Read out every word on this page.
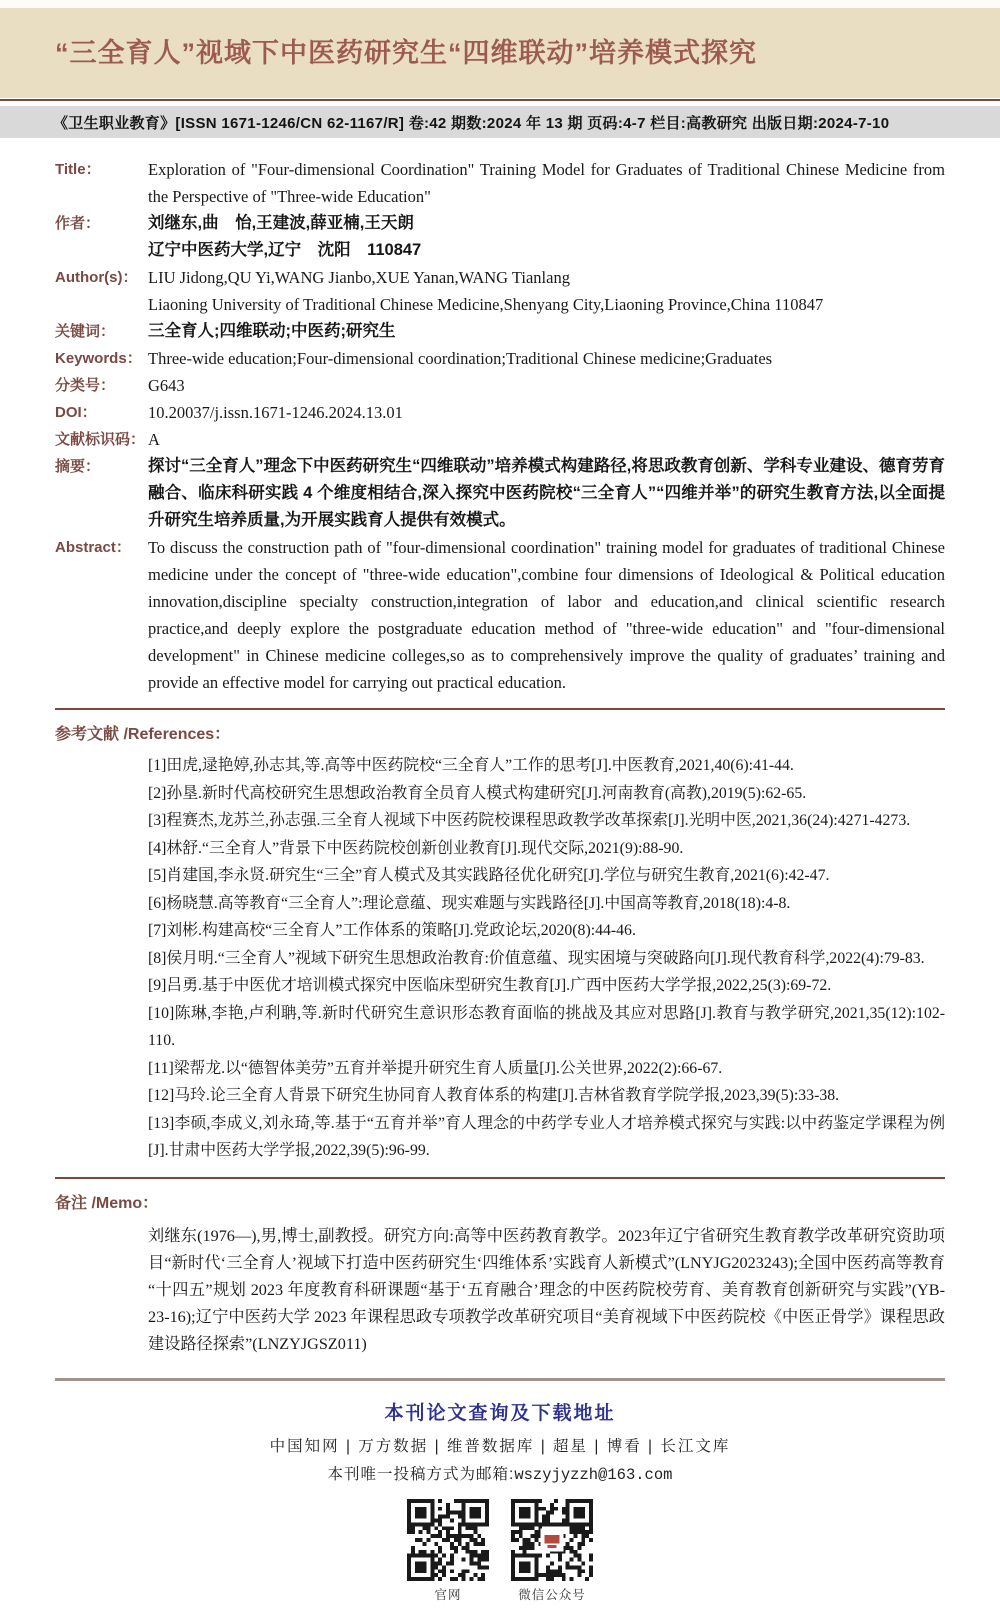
“三全育人”视域下中医药研究生“四维联动”培养模式探究
《卫生职业教育》[ISSN 1671-1246/CN 62-1167/R] 卷:42 期数:2024 年 13 期 页码:4-7 栏目:高教研究 出版日期:2024-7-10
Title：	Exploration of "Four-dimensional Coordination" Training Model for Graduates of Traditional Chinese Medicine from the Perspective of "Three-wide Education"
作者：	刘继东,曲　怡,王建波,薛亚楠,王天朗
辽宁中医药大学,辽宁　沈阳　110847
Author(s)： LIU Jidong,QU Yi,WANG Jianbo,XUE Yanan,WANG Tianlang
Liaoning University of Traditional Chinese Medicine,Shenyang City,Liaoning Province,China 110847
关键词：	三全育人;四维联动;中医药;研究生
Keywords： Three-wide education;Four-dimensional coordination;Traditional Chinese medicine;Graduates
分类号：	G643
DOI：	10.20037/j.issn.1671-1246.2024.13.01
文献标识码： A
摘要：	探讨“三全育人”理念下中医药研究生“四维联动”培养模式构建路径,将思政教育创新、学科专业建设、德育劳育融合、临床科研实践 4 个维度相结合,深入探究中医药院校“三全育人”“四维并举”的研究生教育方法,以全面提升研究生培养质量,为开展实践育人提供有效模式。
Abstract：	To discuss the construction path of "four-dimensional coordination" training model for graduates of traditional Chinese medicine under the concept of "three-wide education",combine four dimensions of Ideological & Political education innovation,discipline specialty construction,integration of labor and education,and clinical scientific research practice,and deeply explore the postgraduate education method of "three-wide education" and "four-dimensional development" in Chinese medicine colleges,so as to comprehensively improve the quality of graduates’ training and provide an effective model for carrying out practical education.
参考文献 /References：
[1]田虎,逯艳婷,孙志其,等.高等中医药院校“三全育人”工作的思考[J].中医教育,2021,40(6):41-44.
[2]孙垦.新时代高校研究生思想政治教育全员育人模式构建研究[J].河南教育(高教),2019(5):62-65.
[3]程赛杰,龙苏兰,孙志强.三全育人视域下中医药院校课程思政教学改革探索[J].光明中医,2021,36(24):4271-4273.
[4]林舒.“三全育人”背景下中医药院校创新创业教育[J].现代交际,2021(9):88-90.
[5]肖建国,李永贤.研究生“三全”育人模式及其实践路径优化研究[J].学位与研究生教育,2021(6):42-47.
[6]杨晓慧.高等教育“三全育人”:理论意蕴、现实难题与实践路径[J].中国高等教育,2018(18):4-8.
[7]刘彬.构建高校“三全育人”工作体系的策略[J].党政论坛,2020(8):44-46.
[8]侯月明.“三全育人”视域下研究生思想政治教育:价值意蕴、现实困境与突破路向[J].现代教育科学,2022(4):79-83.
[9]吕勇.基于中医优才培训模式探究中医临床型研究生教育[J].广西中医药大学学报,2022,25(3):69-72.
[10]陈琳,李艳,卢利聃,等.新时代研究生意识形态教育面临的挑战及其应对思路[J].教育与教学研究,2021,35(12):102-110.
[11]梁帮龙.以“德智体美劳”五育并举提升研究生育人质量[J].公关世界,2022(2):66-67.
[12]马玲.论三全育人背景下研究生协同育人教育体系的构建[J].吉林省教育学院学报,2023,39(5):33-38.
[13]李硕,李成义,刘永琦,等.基于“五育并举”育人理念的中药学专业人才培养模式探究与实践:以中药鉴定学课程为例[J].甘肃中医药大学学报,2022,39(5):96-99.
备注 /Memo：
刘继东(1976—),男,博士,副教授。研究方向:高等中医药教育教学。2023年辽宁省研究生教育教学改革研究资助项目“新时代‘三全育人’视域下打造中医药研究生‘四维体系’实践育人新模式”(LNYJG2023243);全国中医药高等教育“十四五”规划 2023 年度教育科研课题“基于‘五育融合’理念的中医药院校劳育、美育教育创新研究与实践”(YB-23-16);辽宁中医药大学 2023 年课程思政专项教学改革研究项目“美育视域下中医药院校《中医正骨学》课程思政建设路径探索”(LNZYJGSZ011)
本刊论文查询及下载地址
中国知网 | 万方数据 | 维普数据库 | 超星 | 博看 | 长江文库
本刊唯一投稿方式为邮箱:wszyjyzzh@163.com
官网	微信公众号
